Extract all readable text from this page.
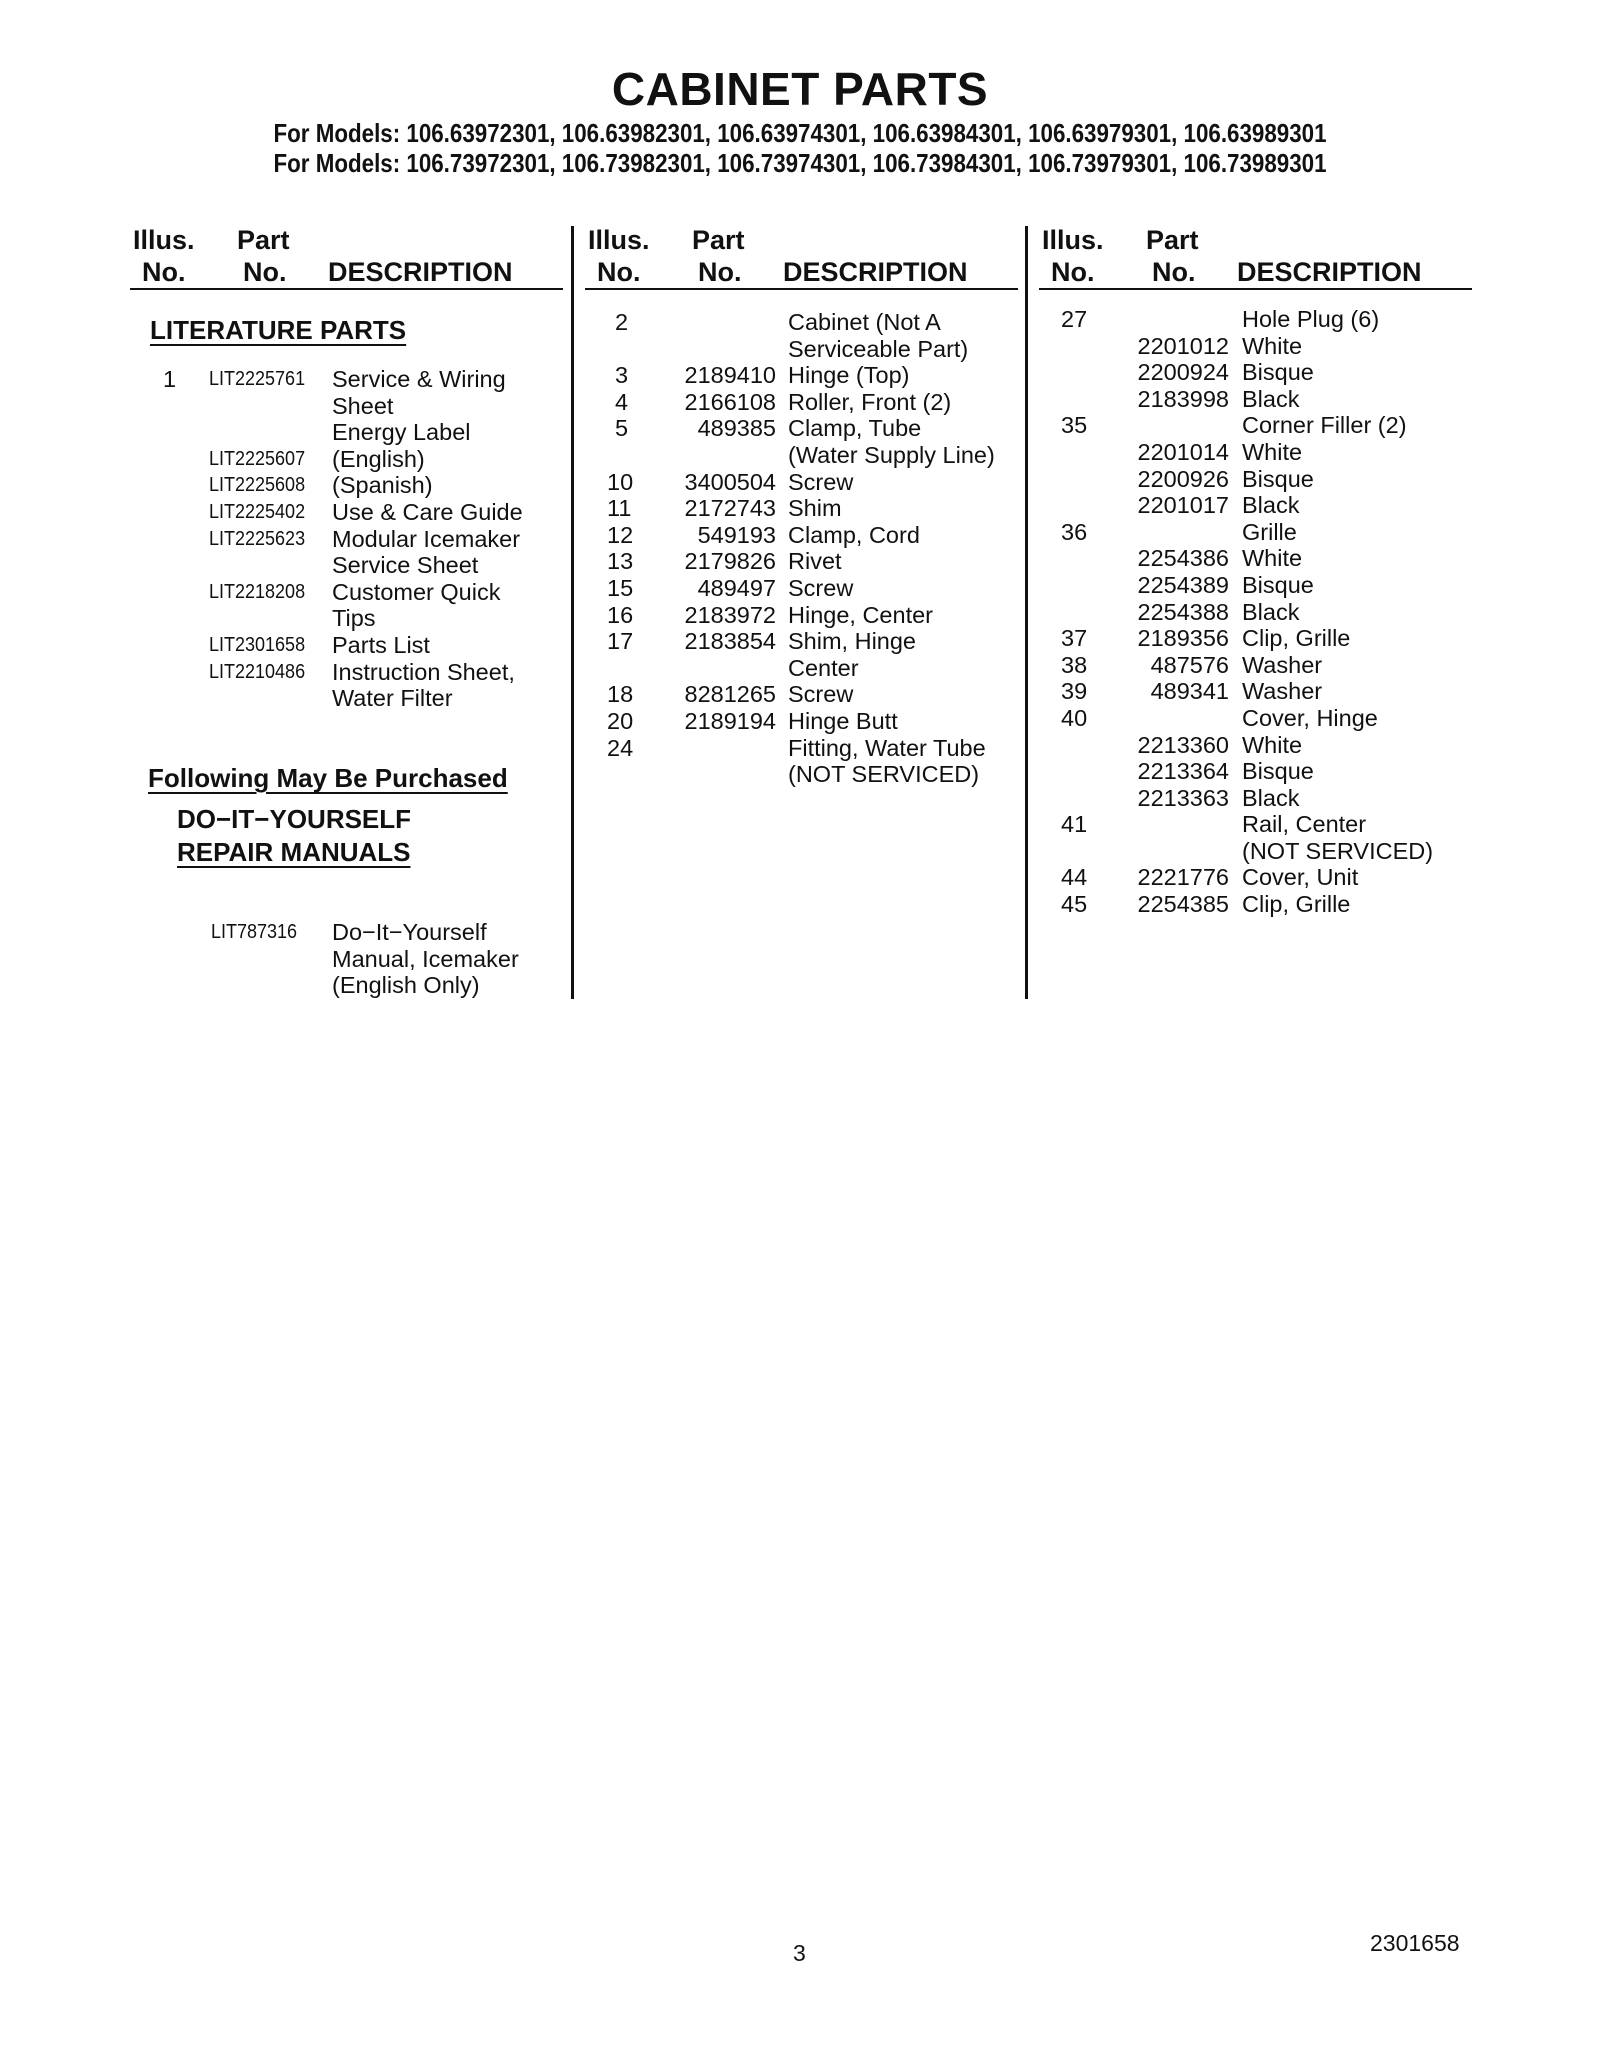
CABINET PARTS
For Models: 106.63972301, 106.63982301, 106.63974301, 106.63984301, 106.63979301, 106.63989301
For Models: 106.73972301, 106.73982301, 106.73974301, 106.73984301, 106.73979301, 106.73989301
Illus.
No.
Part
No. DESCRIPTION
Illus.
No.
Part
No. DESCRIPTION
Illus.
No.
Part
No. DESCRIPTION
LITERATURE PARTS
1 LIT2225761 Service & Wiring
Sheet
Energy Label
LIT2225607 (English)
LIT2225608 (Spanish)
LIT2225402 Use & Care Guide
LIT2225623 Modular Icemaker
Service Sheet
LIT2218208 Customer Quick
Tips
LIT2301658 Parts List
LIT2210486 Instruction Sheet,
Water Filter
Following May Be Purchased
DO−IT−YOURSELF
REPAIR MANUALS
LIT787316 Do−It−Yourself
Manual, Icemaker
(English Only)
2	Cabinet (Not A
Serviceable Part)
3	2189410 Hinge (Top)
4	2166108 Roller, Front (2)
5	489385 Clamp, Tube
(Water Supply Line)
10	3400504 Screw
11	2172743 Shim
12	549193 Clamp, Cord
13	2179826 Rivet
15	489497 Screw
16	2183972 Hinge, Center
17	2183854 Shim, Hinge
Center
18	8281265 Screw
20	2189194 Hinge Butt
24	Fitting, Water Tube
(NOT SERVICED)
27	Hole Plug (6)
2201012 White
2200924 Bisque
2183998 Black
35	Corner Filler (2)
2201014 White
2200926 Bisque
2201017 Black
36	Grille
2254386 White
2254389 Bisque
2254388 Black
37	2189356 Clip, Grille
38	487576 Washer
39	489341 Washer
40	Cover, Hinge
2213360 White
2213364 Bisque
2213363 Black
41	Rail, Center
(NOT SERVICED)
44	2221776 Cover, Unit
45	2254385 Clip, Grille
3	2301658
